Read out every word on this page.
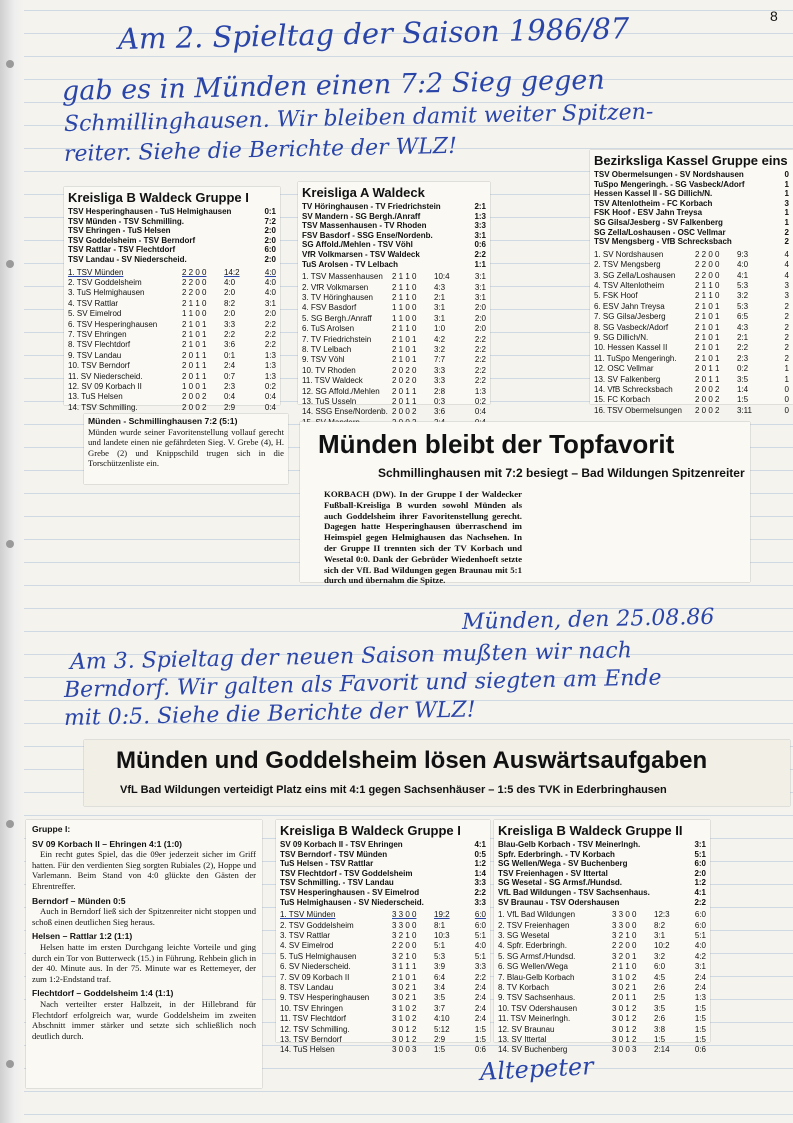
8
Am 2. Spieltag der Saison 1986/87
gab es in Münden einen 7:2 Sieg gegen
Schmillinghausen. Wir bleiben damit weiter Spitzen-
reiter. Siehe die Berichte der WLZ!
Kreisliga B Waldeck Gruppe I
TSV Hesperinghausen - TuS Helmighausen	0:1
TSV Münden - TSV Schmilling.	7:2
TSV Ehringen - TuS Helsen	2:0
TSV Goddelsheim - TSV Berndorf	2:0
TSV Rattlar - TSV Flechtdorf	6:0
TSV Landau - SV Niederscheid.	2:0
1. TSV Münden	2 2 0 0	14:2	4:0
2. TSV Goddelsheim	2 2 0 0	4:0	4:0
3. TuS Helmighausen	2 2 0 0	2:0	4:0
4. TSV Rattlar	2 1 1 0	8:2	3:1
5. SV Eimelrod	1 1 0 0	2:0	2:0
6. TSV Hesperinghausen	2 1 0 1	3:3	2:2
7. TSV Ehringen	2 1 0 1	2:2	2:2
8. TSV Flechtdorf	2 1 0 1	3:6	2:2
9. TSV Landau	2 0 1 1	0:1	1:3
10. TSV Berndorf	2 0 1 1	2:4	1:3
11. SV Niederscheid.	2 0 1 1	0:7	1:3
12. SV 09 Korbach II	1 0 0 1	2:3	0:2
13. TuS Helsen	2 0 0 2	0:4	0:4
14. TSV Schmilling.	2 0 0 2	2:9	0:4
Kreisliga A Waldeck
TV Höringhausen - TV Friedrichstein	2:1
SV Mandern - SG Bergh./Anraff	1:3
TSV Massenhausen - TV Rhoden	3:3
FSV Basdorf - SSG Ense/Nordenb.	3:1
SG Affold./Mehlen - TSV Vöhl	0:6
VfR Volkmarsen - TSV Waldeck	2:2
TuS Arolsen - TV Lelbach	1:1
1. TSV Massenhausen	2 1 1 0	10:4	3:1
2. VfR Volkmarsen	2 1 1 0	4:3	3:1
3. TV Höringhausen	2 1 1 0	2:1	3:1
4. FSV Basdorf	1 1 0 0	3:1	2:0
5. SG Bergh./Anraff	1 1 0 0	3:1	2:0
6. TuS Arolsen	2 1 1 0	1:0	2:0
7. TV Friedrichstein	2 1 0 1	4:2	2:2
8. TV Lelbach	2 1 0 1	3:2	2:2
9. TSV Vöhl	2 1 0 1	7:7	2:2
10. TV Rhoden	2 0 2 0	3:3	2:2
11. TSV Waldeck	2 0 2 0	3:3	2:2
12. SG Affold./Mehlen	2 0 1 1	2:8	1:3
13. TuS Usseln	2 0 1 1	0:3	0:2
14. SSG Ense/Nordenb. 2 0 0 2	3:6	0:4
Bezirksliga Kassel Gruppe eins
TSV Obermelsungen - SV Nordshausen	0
TuSpo Mengeringh. - SG Vasbeck/Adorf	1
Hessen Kassel II - SG Dillich/N.	1
TSV Altenlotheim - FC Korbach	3
FSK Hoof - ESV Jahn Treysa	1
SG Gilsa/Jesberg - SV Falkenberg	1
SG Zella/Loshausen - OSC Vellmar	2
TSV Mengsberg - VfB Schrecksbach	2
1. SV Nordshausen	2 2 0 0	9:3	4
2. TSV Mengsberg	2 2 0 0	4:0	4
3. SG Zella/Loshausen	2 2 0 0	4:1	4
4. TSV Altenlotheim	2 1 1 0	5:3	3
5. FSK Hoof	2 1 1 0	3:2	3
6. ESV Jahn Treysa	2 1 0 1	5:3	2
7. SG Gilsa/Jesberg	2 1 0 1	6:5	2
8. SG Vasbeck/Adorf	2 1 0 1	4:3	2
9. SG Dillich/N.	2 1 0 1	2:1	2
10. Hessen Kassel II	2 1 0 1	2:2	2
11. TuSpo Mengeringh.	2 1 0 1	2:3	2
12. OSC Vellmar	2 0 1 1	0:2	1
13. SV Falkenberg	2 0 1 1	3:5	1
14. VfB Schrecksbach	2 0 0 2	1:4	0
15. FC Korbach	2 0 0 2	1:5	0
16. TSV Obermelsungen	2 0 0 2	3:11	0
Münden - Schmillinghausen 7:2 (5:1)
Münden wurde seiner Favoritenstellung vollauf gerecht und landete einen nie gefährdeten Sieg. V. Grebe (4), H. Grebe (2) und Knippschild trugen sich in die Torschützenliste ein.
Münden bleibt der Topfavorit
Schmillinghausen mit 7:2 besiegt – Bad Wildungen Spitzenreiter
KORBACH (DW). In der Gruppe I der Waldecker Fußball-Kreisliga B wurden sowohl Münden als auch Goddelsheim ihrer Favoritenstellung gerecht. Dagegen hatte Hesperinghausen überraschend im Heimspiel gegen Helmighausen das Nachsehen. In der Gruppe II trennten sich der TV Korbach und Wesetal 0:0. Dank der Gebrüder Wiedenhoeft setzte sich der VfL Bad Wildungen gegen Braunau mit 5:1 durch und übernahm die Spitze.
Münden, den 25.08.86
Am 3. Spieltag der neuen Saison mußten wir nach
Berndorf. Wir galten als Favorit und siegten am Ende
mit 0:5. Siehe die Berichte der WLZ!
Münden und Goddelsheim lösen Auswärtsaufgaben
VfL Bad Wildungen verteidigt Platz eins mit 4:1 gegen Sachsenhäuser – 1:5 des TVK in Ederbringhausen
Gruppe I:
SV 09 Korbach II – Ehringen 4:1 (1:0)
Ein recht gutes Spiel, das die 09er jederzeit sicher im Griff hatten. Für den verdienten Sieg sorgten Rubiales (2), Hoppe und Varlemann. Beim Stand von 4:0 glückte den Gästen der Ehrentreffer.
Berndorf – Münden 0:5
Auch in Berndorf ließ sich der Spitzenreiter nicht stoppen und schoß einen deutlichen Sieg heraus.
Helsen – Rattlar 1:2 (1:1)
Helsen hatte im ersten Durchgang leichte Vorteile und ging durch ein Tor von Butterweck (15.) in Führung. Rehbein glich in der 40. Minute aus. In der 75. Minute war es Rettemeyer, der zum 1:2-Endstand traf.
Flechtdorf – Goddelsheim 1:4 (1:1)
Nach verteilter erster Halbzeit, in der Hillebrand für Flechtdorf erfolgreich war, wurde Goddelsheim im zweiten Abschnitt immer stärker und setzte sich schließlich noch deutlich durch.
Kreisliga B Waldeck Gruppe I
SV 09 Korbach II - TSV Ehringen	4:1
TSV Berndorf - TSV Münden	0:5
TuS Helsen - TSV Rattlar	1:2
TSV Flechtdorf - TSV Goddelsheim	1:4
TSV Schmilling. - TSV Landau	3:3
TSV Hesperinghausen - SV Eimelrod	2:2
TuS Helmighausen - SV Niederscheid.	3:3
1. TSV Münden	3 3 0 0	19:2	6:0
2. TSV Goddelsheim	3 3 0 0	8:1	6:0
3. TSV Rattlar	3 2 1 0	10:3	5:1
4. SV Eimelrod	2 2 0 0	5:1	4:0
5. TuS Helmighausen	3 2 1 0	5:3	5:1
6. SV Niederscheid.	3 1 1 1	3:9	3:3
7. SV 09 Korbach II	2 1 0 1	6:4	2:2
8. TSV Landau	3 0 2 1	3:4	2:4
9. TSV Hesperinghausen	3 0 2 1	3:5	2:4
10. TSV Ehringen	3 1 0 2	3:7	2:4
11. TSV Flechtdorf	3 1 0 2	4:10	2:4
12. TSV Schmilling.	3 0 1 2	5:12	1:5
13. TSV Berndorf	3 0 1 2	2:9	1:5
14. TuS Helsen	3 0 0 3	1:5	0:6
Kreisliga B Waldeck Gruppe II
Blau-Gelb Korbach - TSV Meinerlngh.	3:1
Spfr. Ederbringh. - TV Korbach	5:1
SG Wellen/Wega - SV Buchenberg	6:0
TSV Freienhagen - SV Ittertal	2:0
SG Wesetal - SG Armsf./Hundsd.	1:2
VfL Bad Wildungen - TSV Sachsenhaus.	4:1
SV Braunau - TSV Odershausen	2:2
1. VfL Bad Wildungen	3 3 0 0	12:3	6:0
2. TSV Freienhagen	3 3 0 0	8:2	6:0
3. SG Wesetal	3 2 1 0	3:1	5:1
4. Spfr. Ederbringh.	2 2 0 0	10:2	4:0
5. SG Armsf./Hundsd.	3 2 0 1	3:2	4:2
6. SG Wellen/Wega	2 1 1 0	6:0	3:1
7. Blau-Gelb Korbach	3 1 0 2	4:5	2:4
8. TV Korbach	3 0 2 1	2:6	2:4
9. TSV Sachsenhaus.	2 0 1 1	2:5	1:3
10. TSV Odershausen	3 0 1 2	3:5	1:5
11. TSV Meinerlngh.	3 0 1 2	2:6	1:5
12. SV Braunau	3 0 1 2	3:8	1:5
13. SV Ittertal	3 0 1 2	1:5	1:5
14. SV Buchenberg	3 0 0 3	2:14	0:6
Altepeter
